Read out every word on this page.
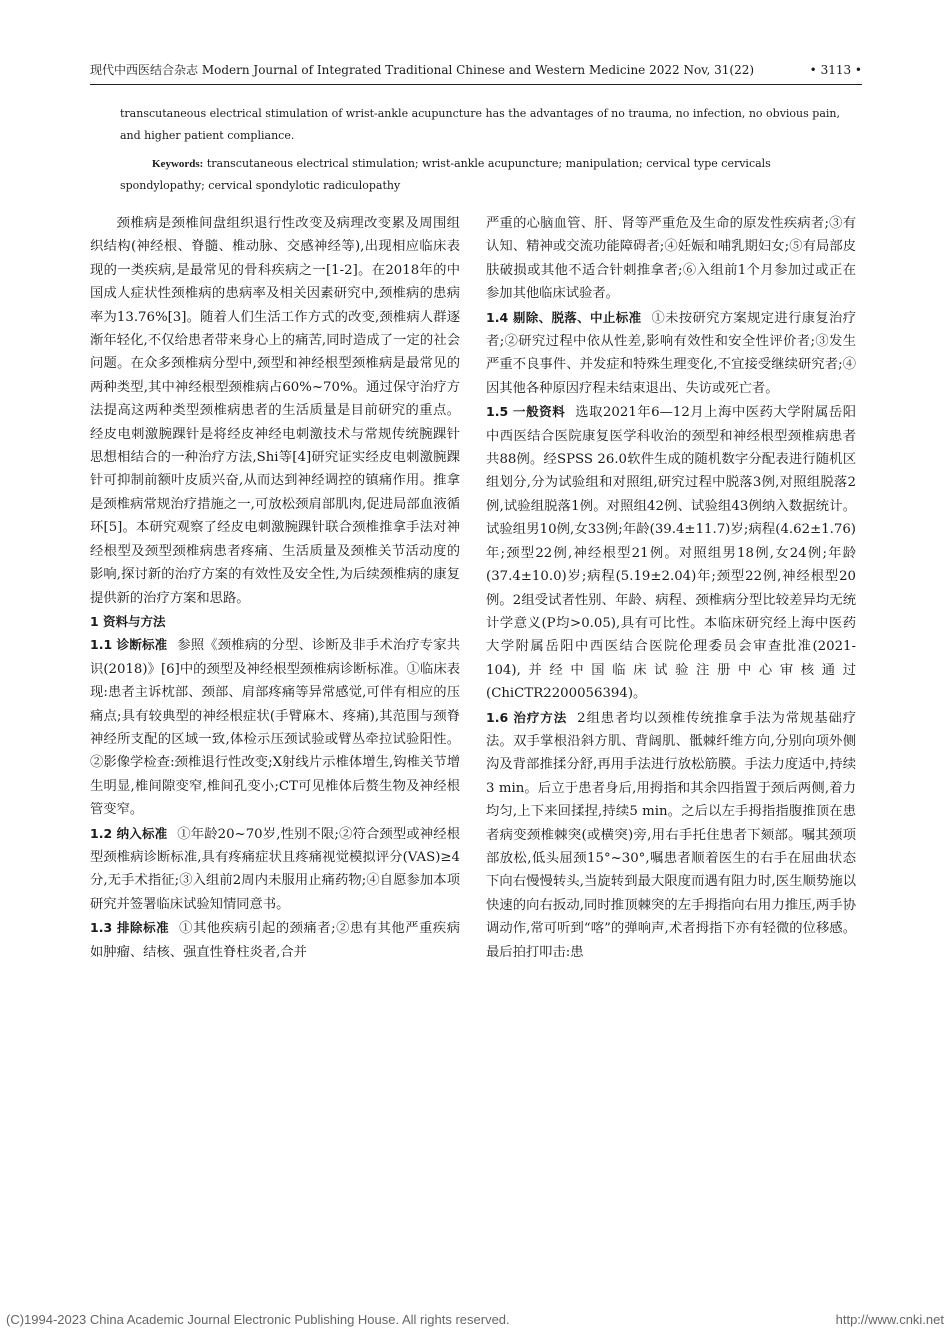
现代中西医结合杂志 Modern Journal of Integrated Traditional Chinese and Western Medicine 2022 Nov, 31(22)	• 3113 •

transcutaneous electrical stimulation of wrist-ankle acupuncture has the advantages of no trauma, no infection, no obvious pain, and higher patient compliance.

Keywords: transcutaneous electrical stimulation; wrist-ankle acupuncture; manipulation; cervical type cervicals spondylopathy; cervical spondylotic radiculopathy

颈椎病是颈椎间盘组织退行性改变及病理改变累及周围组织结构(神经根、脊髓、椎动脉、交感神经等),出现相应临床表现的一类疾病,是最常见的骨科疾病之一[1-2]。在2018年的中国成人症状性颈椎病的患病率及相关因素研究中,颈椎病的患病率为13.76%[3]。随着人们生活工作方式的改变,颈椎病人群逐渐年轻化,不仅给患者带来身心上的痛苦,同时造成了一定的社会问题。在众多颈椎病分型中,颈型和神经根型颈椎病是最常见的两种类型,其中神经根型颈椎病占60%~70%。通过保守治疗方法提高这两种类型颈椎病患者的生活质量是目前研究的重点。经皮电刺激腕踝针是将经皮神经电刺激技术与常规传统腕踝针思想相结合的一种治疗方法,Shi等[4]研究证实经皮电刺激腕踝针可抑制前额叶皮质兴奋,从而达到神经调控的镇痛作用。推拿是颈椎病常规治疗措施之一,可放松颈肩部肌肉,促进局部血液循环[5]。本研究观察了经皮电刺激腕踝针联合颈椎推拿手法对神经根型及颈型颈椎病患者疼痛、生活质量及颈椎关节活动度的影响,探讨新的治疗方案的有效性及安全性,为后续颈椎病的康复提供新的治疗方案和思路。

1 资料与方法

1.1 诊断标准 参照《颈椎病的分型、诊断及非手术治疗专家共识(2018)》[6]中的颈型及神经根型颈椎病诊断标准。①临床表现:患者主诉枕部、颈部、肩部疼痛等异常感觉,可伴有相应的压痛点;具有较典型的神经根症状(手臂麻木、疼痛),其范围与颈脊神经所支配的区域一致,体检示压颈试验或臂丛牵拉试验阳性。②影像学检查:颈椎退行性改变;X射线片示椎体增生,钩椎关节增生明显,椎间隙变窄,椎间孔变小;CT可见椎体后赘生物及神经根管变窄。

1.2 纳入标准 ①年龄20~70岁,性别不限;②符合颈型或神经根型颈椎病诊断标准,具有疼痛症状且疼痛视觉模拟评分(VAS)≥4分,无手术指征;③入组前2周内未服用止痛药物;④自愿参加本项研究并签署临床试验知情同意书。

1.3 排除标准 ①其他疾病引起的颈痛者;②患有其他严重疾病如肿瘤、结核、强直性脊柱炎者,合并

严重的心脑血管、肝、肾等严重危及生命的原发性疾病者;③有认知、精神或交流功能障碍者;④妊娠和哺乳期妇女;⑤有局部皮肤破损或其他不适合针刺推拿者;⑥入组前1个月参加过或正在参加其他临床试验者。

1.4 剔除、脱落、中止标准 ①未按研究方案规定进行康复治疗者;②研究过程中依从性差,影响有效性和安全性评价者;③发生严重不良事件、并发症和特殊生理变化,不宜接受继续研究者;④因其他各种原因疗程未结束退出、失访或死亡者。

1.5 一般资料 选取2021年6—12月上海中医药大学附属岳阳中西医结合医院康复医学科收治的颈型和神经根型颈椎病患者共88例。经SPSS 26.0软件生成的随机数字分配表进行随机区组划分,分为试验组和对照组,研究过程中脱落3例,对照组脱落2例,试验组脱落1例。对照组42例、试验组43例纳入数据统计。试验组男10例,女33例;年龄(39.4±11.7)岁;病程(4.62±1.76)年;颈型22例,神经根型21例。对照组男18例,女24例;年龄(37.4±10.0)岁;病程(5.19±2.04)年;颈型22例,神经根型20例。2组受试者性别、年龄、病程、颈椎病分型比较差异均无统计学意义(P均>0.05),具有可比性。本临床研究经上海中医药大学附属岳阳中西医结合医院伦理委员会审查批准(2021-104),并经中国临床试验注册中心审核通过(ChiCTR2200056394)。

1.6 治疗方法 2组患者均以颈椎传统推拿手法为常规基础疗法。双手掌根沿斜方肌、背阔肌、骶棘纤维方向,分别向项外侧沟及背部推揉分舒,再用手法进行放松筋膜。手法力度适中,持续3 min。后立于患者身后,用拇指和其余四指置于颈后两侧,着力均匀,上下来回揉捏,持续5 min。之后以左手拇指指腹推顶在患者病变颈椎棘突(或横突)旁,用右手托住患者下颏部。嘱其颈项部放松,低头屈颈15°~30°,嘱患者顺着医生的右手在屈曲状态下向右慢慢转头,当旋转到最大限度而遇有阻力时,医生顺势施以快速的向右扳动,同时推顶棘突的左手拇指向右用力推压,两手协调动作,常可听到“喀”的弹响声,术者拇指下亦有轻微的位移感。最后拍打叩击:患

(C)1994-2023 China Academic Journal Electronic Publishing House. All rights reserved.	http://www.cnki.net
